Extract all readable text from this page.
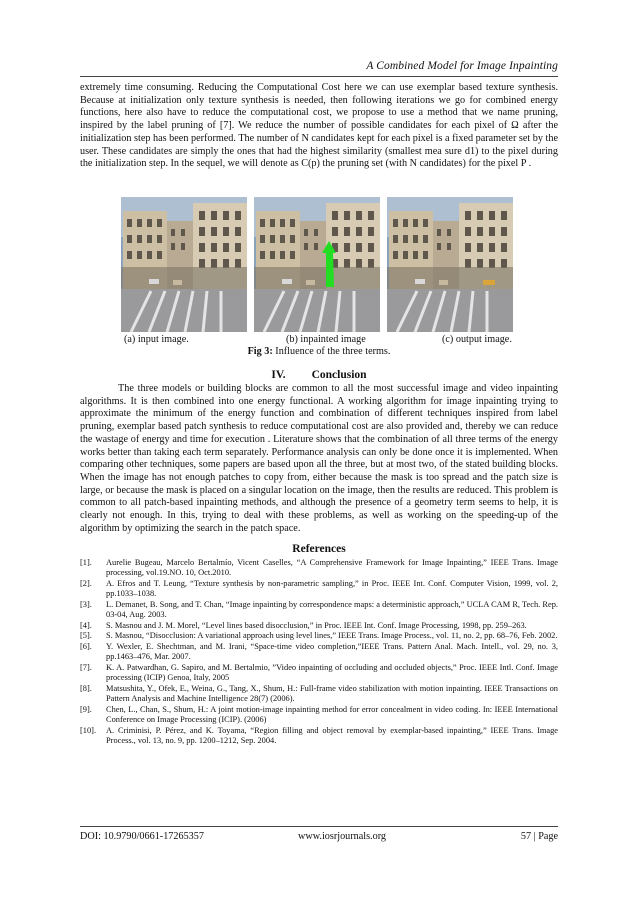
A Combined Model for Image Inpainting
extremely time consuming. Reducing the Computational Cost here we can use exemplar based texture synthesis. Because at initialization only texture synthesis is needed, then following iterations we go for combined energy functions, here also have to reduce the computational cost, we propose to use a method that we name pruning, inspired by the label pruning of [7]. We reduce the number of possible candidates for each pixel of Ω after the initialization step has been performed. The number of N candidates kept for each pixel is a fixed parameter set by the user. These candidates are simply the ones that had the highest similarity (smallest mea sure d1) to the pixel during the initialization step. In the sequel, we will denote as C(p) the pruning set (with N candidates) for the pixel P .
(a) input image.	(b) inpainted image	(c) output image.
Fig 3: Influence of the three terms.
IV. Conclusion
The three models or building blocks are common to all the most successful image and video inpainting algorithms. It is then combined into one energy functional. A working algorithm for image inpainting trying to approximate the minimum of the energy function and combination of different techniques inspired from label pruning, exemplar based patch synthesis to reduce computational cost are also provided and, thereby we can reduce the wastage of energy and time for execution . Literature shows that the combination of all three terms of the energy works better than taking each term separately. Performance analysis can only be done once it is implemented. When comparing other techniques, some papers are based upon all the three, but at most two, of the stated building blocks. When the image has not enough patches to copy from, either because the mask is too spread and the patch size is large, or because the mask is placed on a singular location on the image, then the results are reduced. This problem is common to all patch-based inpainting methods, and although the presence of a geometry term seems to help, it is clearly not enough. In this, trying to deal with these problems, as well as working on the speeding-up of the algorithm by optimizing the search in the patch space.
References
[1].	Aurelie Bugeau, Marcelo Bertalmío, Vicent Caselles, “A Comprehensive Framework for Image Inpainting,” IEEE Trans. Image processing, vol.19.NO. 10, Oct.2010.
[2].	A. Efros and T. Leung, “Texture synthesis by non-parametric sampling,” in Proc. IEEE Int. Conf. Computer Vision, 1999, vol. 2, pp.1033–1038.
[3].	L. Demanet, B. Song, and T. Chan, “Image inpainting by correspondence maps: a deterministic approach,” UCLA CAM R, Tech. Rep. 03-04, Aug. 2003.
[4].	S. Masnou and J. M. Morel, “Level lines based disocclusion,” in Proc. IEEE Int. Conf. Image Processing, 1998, pp. 259–263.
[5].	S. Masnou, “Disocclusion: A variational approach using level lines,” IEEE Trans. Image Process., vol. 11, no. 2, pp. 68–76, Feb. 2002.
[6].	Y. Wexler, E. Shechtman, and M. Irani, “Space-time video completion,”IEEE Trans. Pattern Anal. Mach. Intell., vol. 29, no. 3, pp.1463–476, Mar. 2007.
[7].	K. A. Patwardhan, G. Sapiro, and M. Bertalmio, ”Video inpainting of occluding and occluded objects,” Proc. IEEE Intl. Conf. Image processing (ICIP) Genoa, Italy, 2005
[8].	Matsushita, Y., Ofek, E., Weina, G., Tang, X., Shum, H.: Full-frame video stabilization with motion inpainting. IEEE Transactions on Pattern Analysis and Machine Intelligence 28(7) (2006).
[9].	Chen, L., Chan, S., Shum, H.: A joint motion-image inpainting method for error concealment in video coding. In: IEEE International Conference on Image Processing (ICIP). (2006)
[10].	A. Criminisi, P. Pérez, and K. Toyama, “Region filling and object removal by exemplar-based inpainting,” IEEE Trans. Image Process., vol. 13, no. 9, pp. 1200–1212, Sep. 2004.
DOI: 10.9790/0661-17265357	www.iosrjournals.org	57 | Page
